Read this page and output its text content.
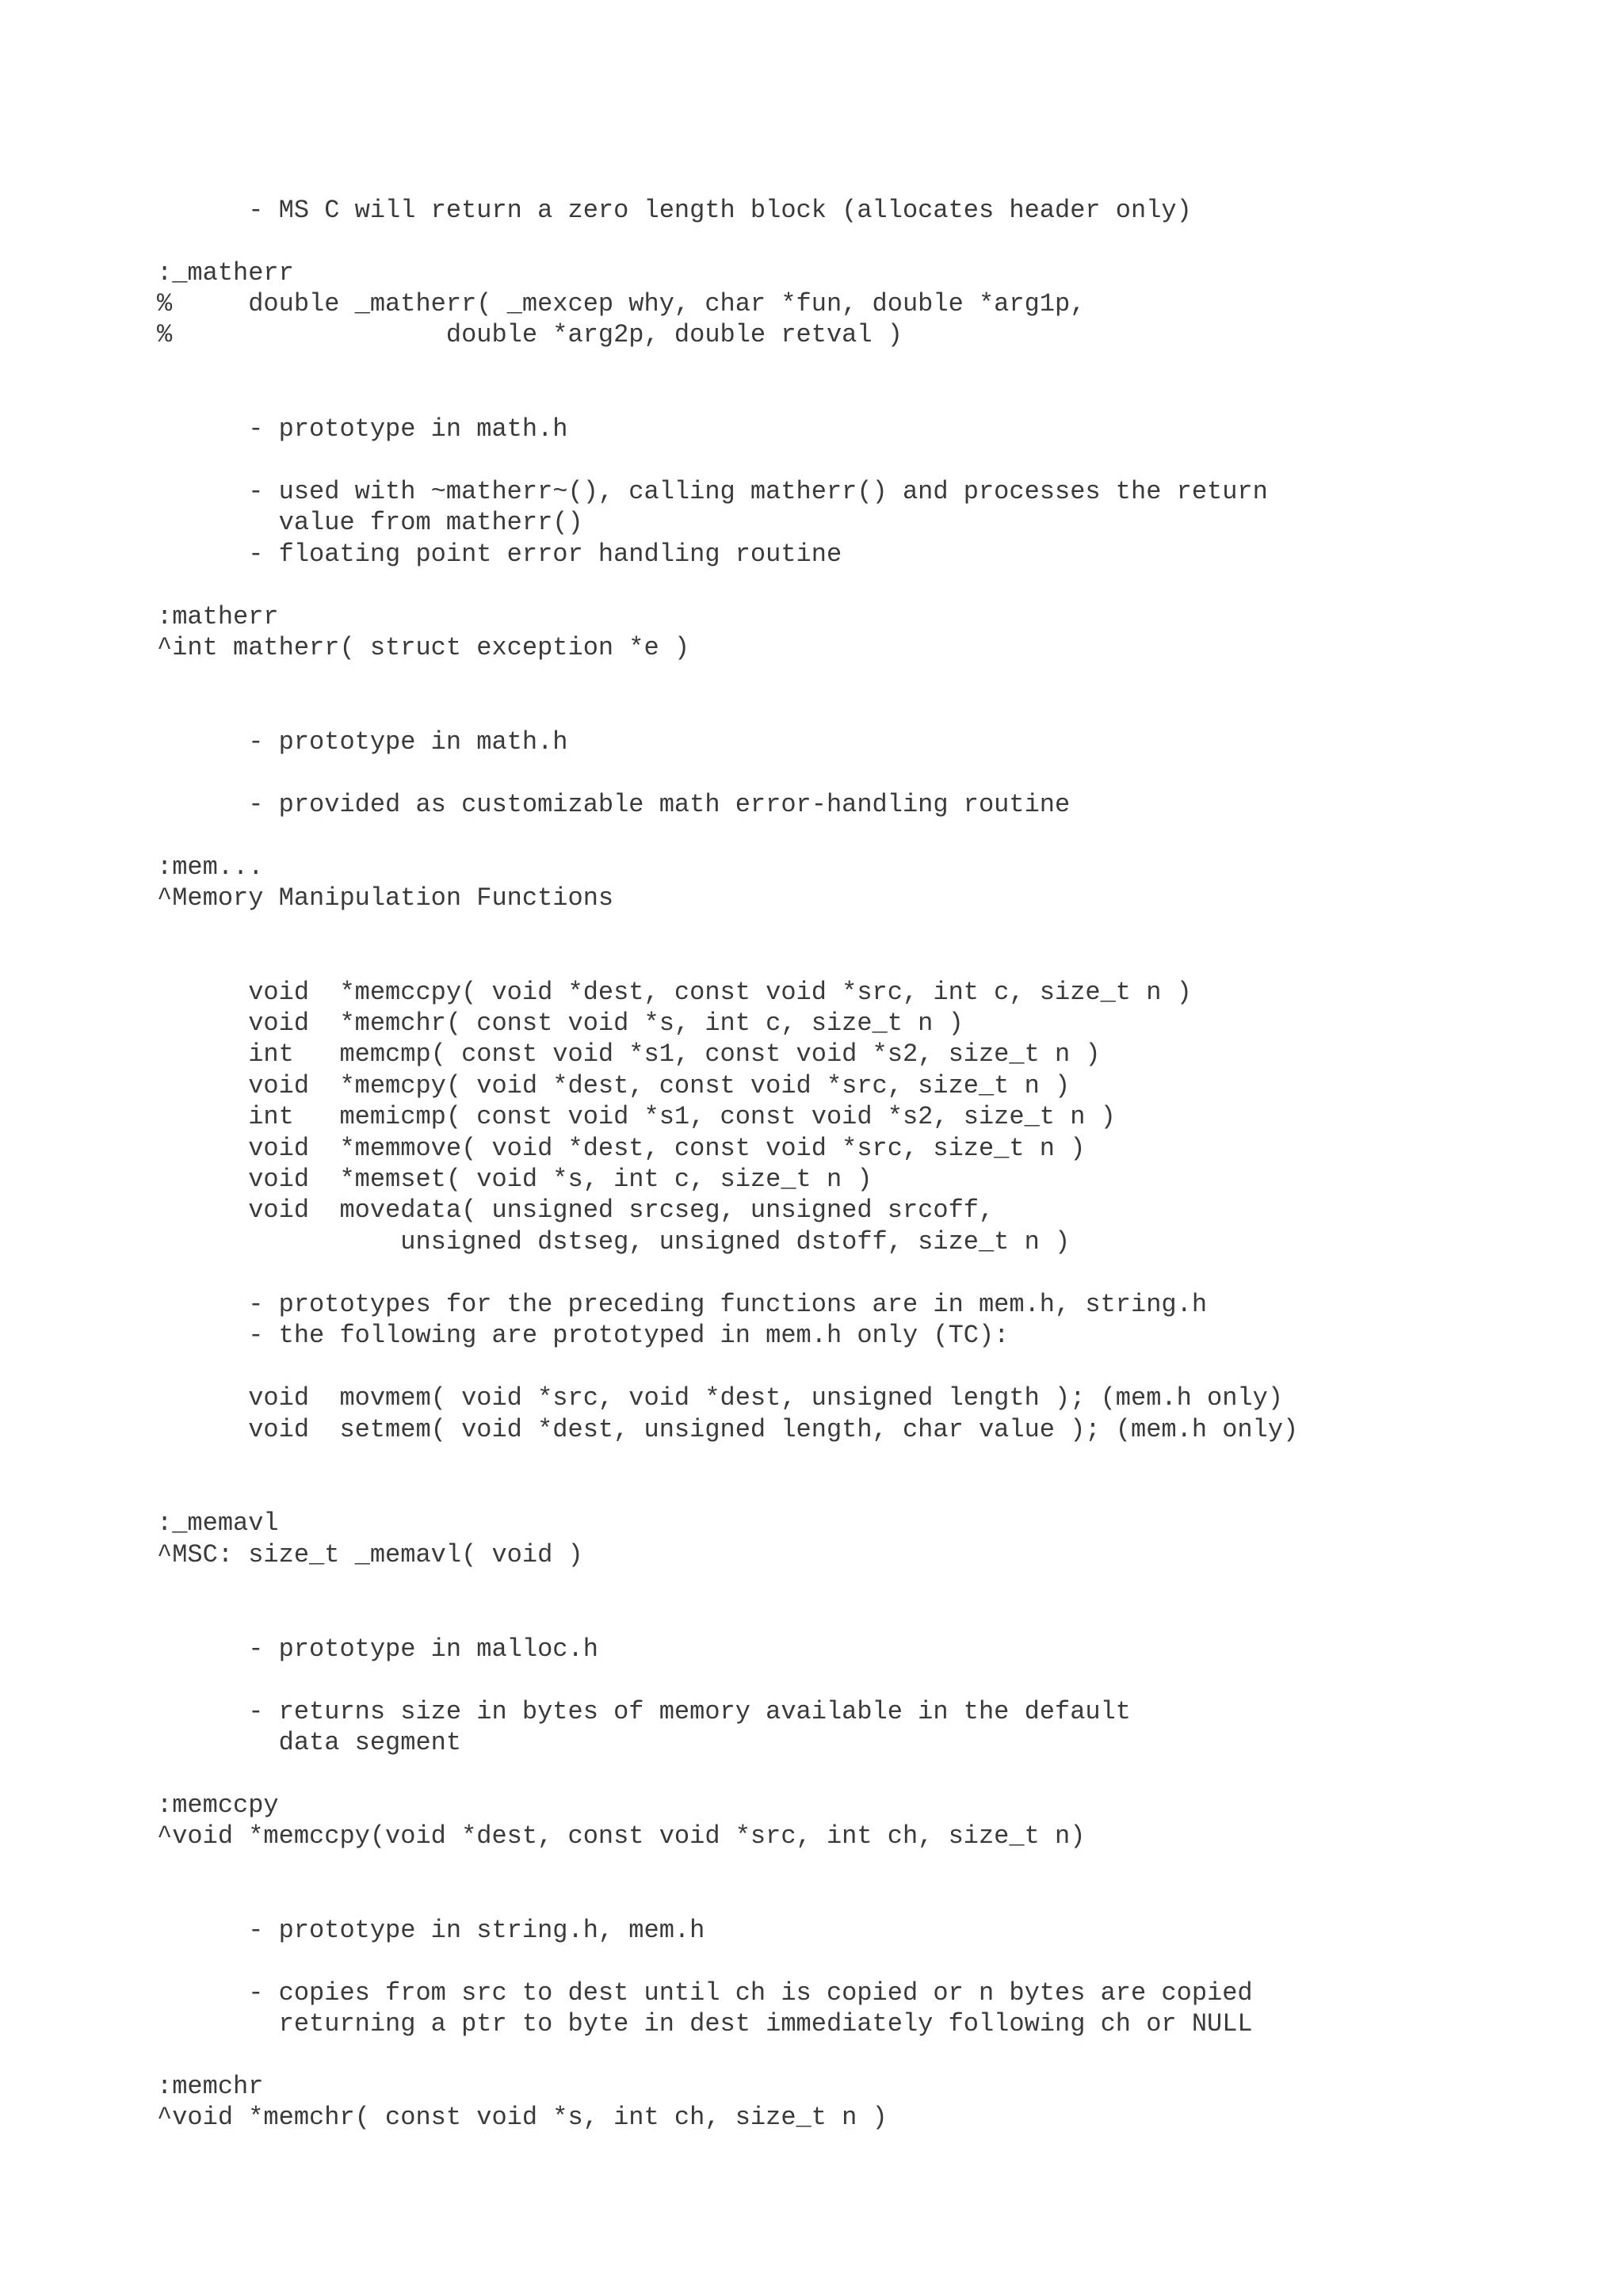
- MS C will return a zero length block (allocates header only)
:_matherr
%     double _matherr( _mexcep why, char *fun, double *arg1p,
%                  double *arg2p, double retval )
- prototype in math.h
- used with ~matherr~(), calling matherr() and processes the return
value from matherr()
- floating point error handling routine
:matherr
^int matherr( struct exception *e )
- prototype in math.h
- provided as customizable math error-handling routine
:mem...
^Memory Manipulation Functions
void  *memccpy( void *dest, const void *src, int c, size_t n )
void  *memchr( const void *s, int c, size_t n )
int   memcmp( const void *s1, const void *s2, size_t n )
void  *memcpy( void *dest, const void *src, size_t n )
int   memicmp( const void *s1, const void *s2, size_t n )
void  *memmove( void *dest, const void *src, size_t n )
void  *memset( void *s, int c, size_t n )
void  movedata( unsigned srcseg, unsigned srcoff,
unsigned dstseg, unsigned dstoff, size_t n )
- prototypes for the preceding functions are in mem.h, string.h
- the following are prototyped in mem.h only (TC):
void  movmem( void *src, void *dest, unsigned length ); (mem.h only)
void  setmem( void *dest, unsigned length, char value ); (mem.h only)
:_memavl
^MSC: size_t _memavl( void )
- prototype in malloc.h
- returns size in bytes of memory available in the default
data segment
:memccpy
^void *memccpy(void *dest, const void *src, int ch, size_t n)
- prototype in string.h, mem.h
- copies from src to dest until ch is copied or n bytes are copied
returning a ptr to byte in dest immediately following ch or NULL
:memchr
^void *memchr( const void *s, int ch, size_t n )
